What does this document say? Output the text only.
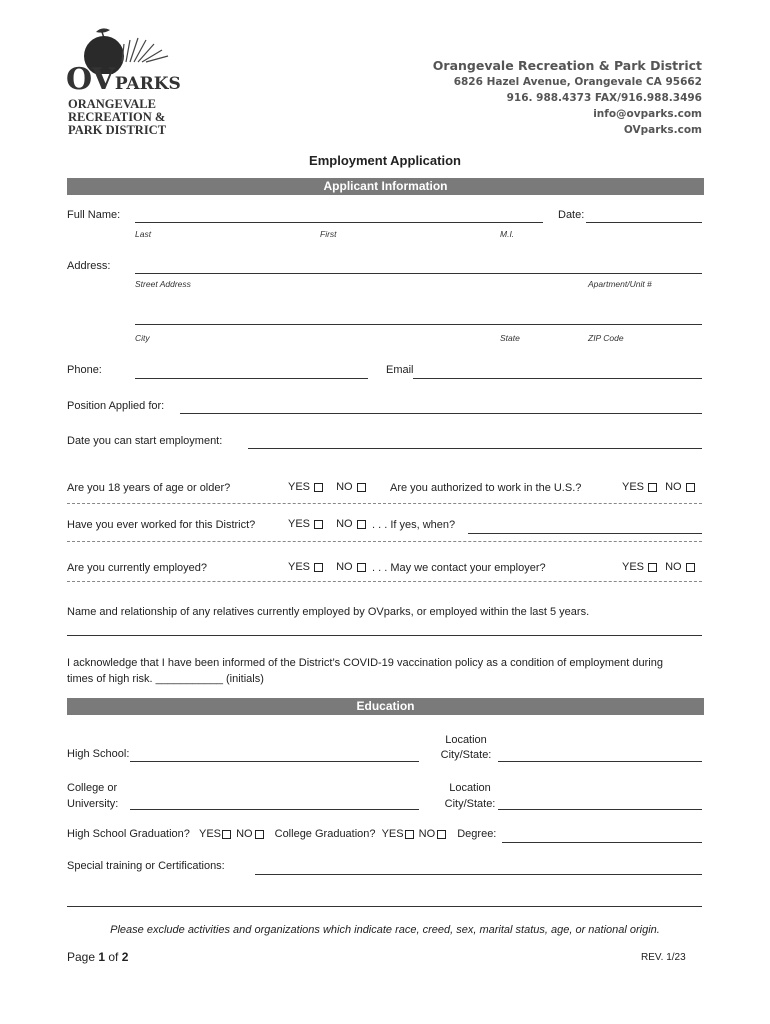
OVPARKS
ORANGEVALE
RECREATION &
PARK DISTRICT
Orangevale Recreation & Park District
6826 Hazel Avenue, Orangevale CA 95662
916. 988.4373 FAX/916.988.3496
info@ovparks.com
OVparks.com
Employment Application
Applicant Information
Full Name:	Date:
Last	First	M.I.
Address:
Street Address	Apartment/Unit #
City	State	ZIP Code
Phone:	Email
Position Applied for:
Date you can start employment:
Are you 18 years of age or older?	YES NO	Are you authorized to work in the U.S.?	YES NO
Have you ever worked for this District?	YES NO	. . . If yes, when?
Are you currently employed?	YES NO	. . . May we contact your employer?	YES NO
Name and relationship of any relatives currently employed by OVparks, or employed within the last 5 years.
I acknowledge that I have been informed of the District’s COVID-19 vaccination policy as a condition of employment during
times of high risk. ___________ (initials)
Education
High School:
Location
City/State:
College or
University:
Location
City/State:
High School Graduation? YES NO College Graduation? YES NO Degree:
Special training or Certifications:
Please exclude activities and organizations which indicate race, creed, sex, marital status, age, or national origin.
Page 1 of 2	REV. 1/23
